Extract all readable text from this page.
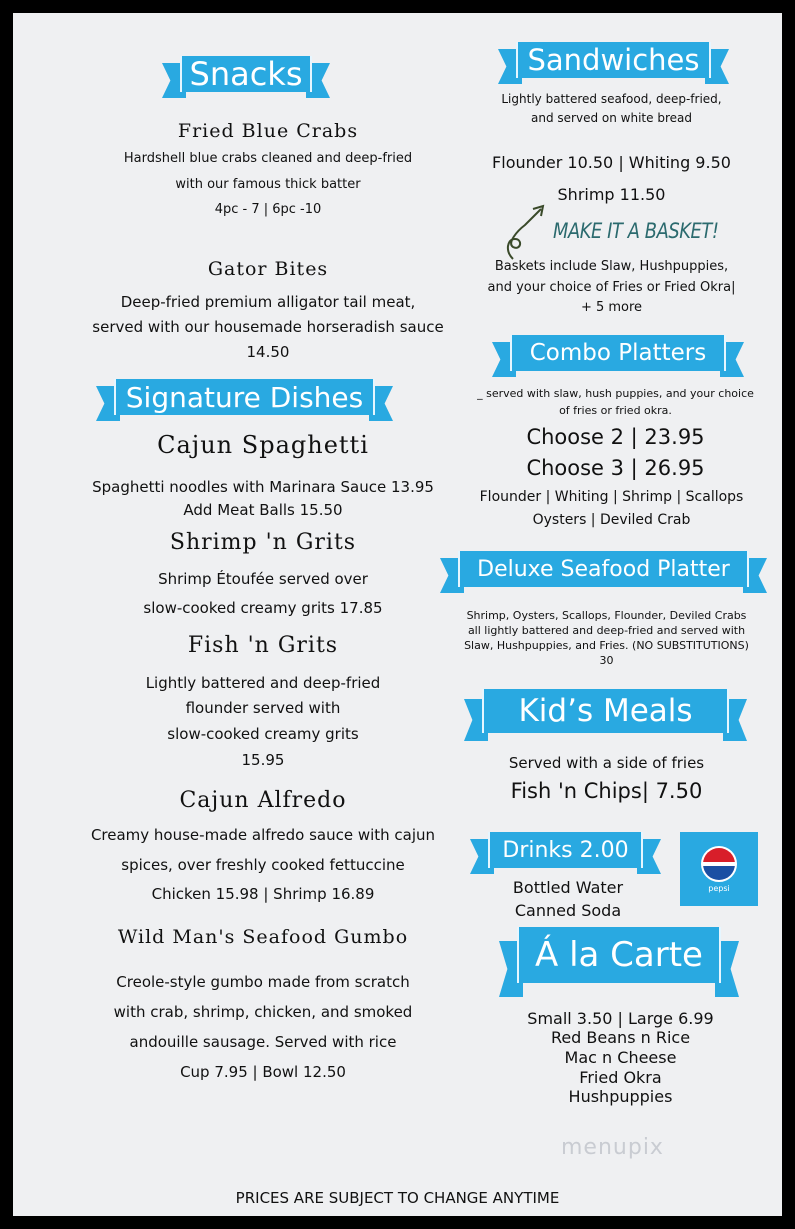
Snacks
Fried Blue Crabs
Hardshell blue crabs cleaned and deep-fried
with our famous thick batter
4pc - 7 | 6pc -10
Gator Bites
Deep-fried premium alligator tail meat,
served with our housemade horseradish sauce
14.50
Signature Dishes
Cajun Spaghetti
Spaghetti noodles with Marinara Sauce 13.95
Add Meat Balls 15.50
Shrimp 'n Grits
Shrimp Étoufée served over
slow-cooked creamy grits 17.85
Fish 'n Grits
Lightly battered and deep-fried
flounder served with
slow-cooked creamy grits
15.95
Cajun Alfredo
Creamy house-made alfredo sauce with cajun
spices, over freshly cooked fettuccine
Chicken 15.98 | Shrimp 16.89
Wild Man's Seafood Gumbo
Creole-style gumbo made from scratch
with crab, shrimp, chicken, and smoked
andouille sausage. Served with rice
Cup 7.95 | Bowl 12.50
Sandwiches
Lightly battered seafood, deep-fried,
and served on white bread
Flounder 10.50 | Whiting 9.50
Shrimp 11.50
MAKE IT A BASKET!
Baskets include Slaw, Hushpuppies,
and your choice of Fries or Fried Okra|
+ 5 more
Combo Platters
_ served with slaw, hush puppies, and your choice
of fries or fried okra.
Choose 2 | 23.95
Choose 3 | 26.95
Flounder | Whiting | Shrimp | Scallops
Oysters | Deviled Crab
Deluxe Seafood Platter
Shrimp, Oysters, Scallops, Flounder, Deviled Crabs
all lightly battered and deep-fried and served with
Slaw, Hushpuppies, and Fries. (NO SUBSTITUTIONS)
30
Kid’s Meals
Served with a side of fries
Fish 'n Chips| 7.50
Drinks 2.00
Bottled Water
Canned Soda
pepsi
Á la Carte
Small 3.50 | Large 6.99
Red Beans n Rice
Mac n Cheese
Fried Okra
Hushpuppies
menupix
PRICES ARE SUBJECT TO CHANGE ANYTIME
